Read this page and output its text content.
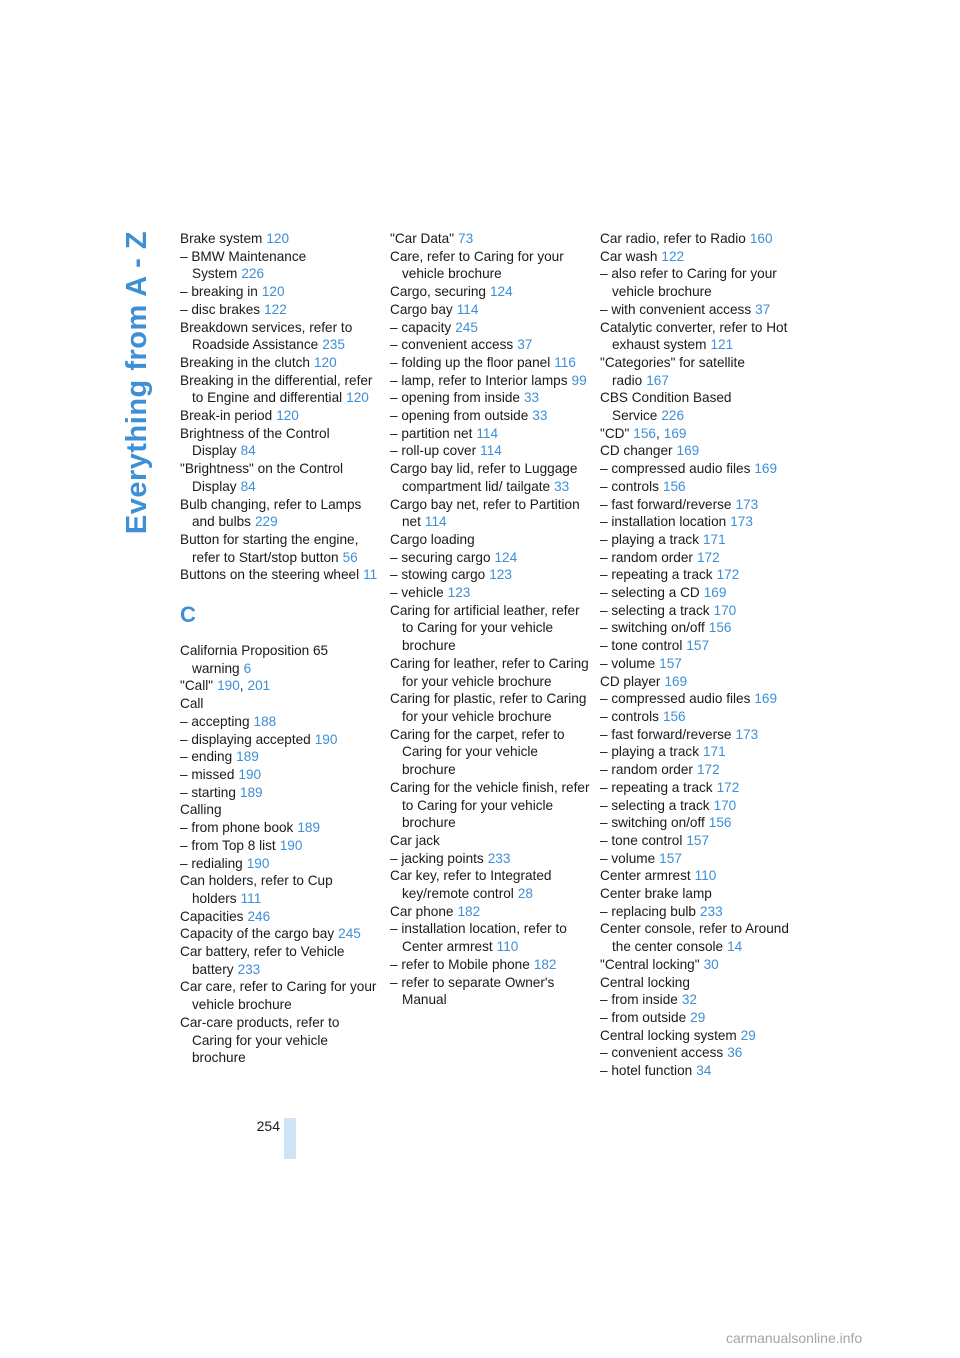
Everything from A - Z Brake system 120
– BMW Maintenance System 226
– breaking in 120
– disc brakes 122
Breakdown services, refer to Roadside Assistance 235
Breaking in the clutch 120
Breaking in the differential, refer to Engine and differential 120
Break-in period 120
Brightness of the Control Display 84
"Brightness" on the Control Display 84
Bulb changing, refer to Lamps and bulbs 229
Button for starting the engine, refer to Start/stop button 56
Buttons on the steering wheel 11
C
California Proposition 65 warning 6
"Call" 190, 201
Call
– accepting 188
– displaying accepted 190
– ending 189
– missed 190
– starting 189
Calling
– from phone book 189
– from Top 8 list 190
– redialing 190
Can holders, refer to Cup holders 111
Capacities 246
Capacity of the cargo bay 245
Car battery, refer to Vehicle battery 233
Car care, refer to Caring for your vehicle brochure
Car-care products, refer to Caring for your vehicle brochure
"Car Data" 73
Care, refer to Caring for your vehicle brochure
Cargo, securing 124
Cargo bay 114
– capacity 245
– convenient access 37
– folding up the floor panel 116
– lamp, refer to Interior lamps 99
– opening from inside 33
– opening from outside 33
– partition net 114
– roll-up cover 114
Cargo bay lid, refer to Luggage compartment lid/ tailgate 33
Cargo bay net, refer to Partition net 114
Cargo loading
– securing cargo 124
– stowing cargo 123
– vehicle 123
Caring for artificial leather, refer to Caring for your vehicle brochure
Caring for leather, refer to Caring for your vehicle brochure
Caring for plastic, refer to Caring for your vehicle brochure
Caring for the carpet, refer to Caring for your vehicle brochure
Caring for the vehicle finish, refer to Caring for your vehicle brochure
Car jack
– jacking points 233
Car key, refer to Integrated key/remote control 28
Car phone 182
– installation location, refer to Center armrest 110
– refer to Mobile phone 182
– refer to separate Owner's Manual
Car radio, refer to Radio 160
Car wash 122
– also refer to Caring for your vehicle brochure
– with convenient access 37
Catalytic converter, refer to Hot exhaust system 121
"Categories" for satellite radio 167
CBS Condition Based Service 226
"CD" 156, 169
CD changer 169
– compressed audio files 169
– controls 156
– fast forward/reverse 173
– installation location 173
– playing a track 171
– random order 172
– repeating a track 172
– selecting a CD 169
– selecting a track 170
– switching on/off 156
– tone control 157
– volume 157
CD player 169
– compressed audio files 169
– controls 156
– fast forward/reverse 173
– playing a track 171
– random order 172
– repeating a track 172
– selecting a track 170
– switching on/off 156
– tone control 157
– volume 157
Center armrest 110
Center brake lamp
– replacing bulb 233
Center console, refer to Around the center console 14
"Central locking" 30
Central locking
– from inside 32
– from outside 29
Central locking system 29
– convenient access 36
– hotel function 34
254
carmanualsonline.info
